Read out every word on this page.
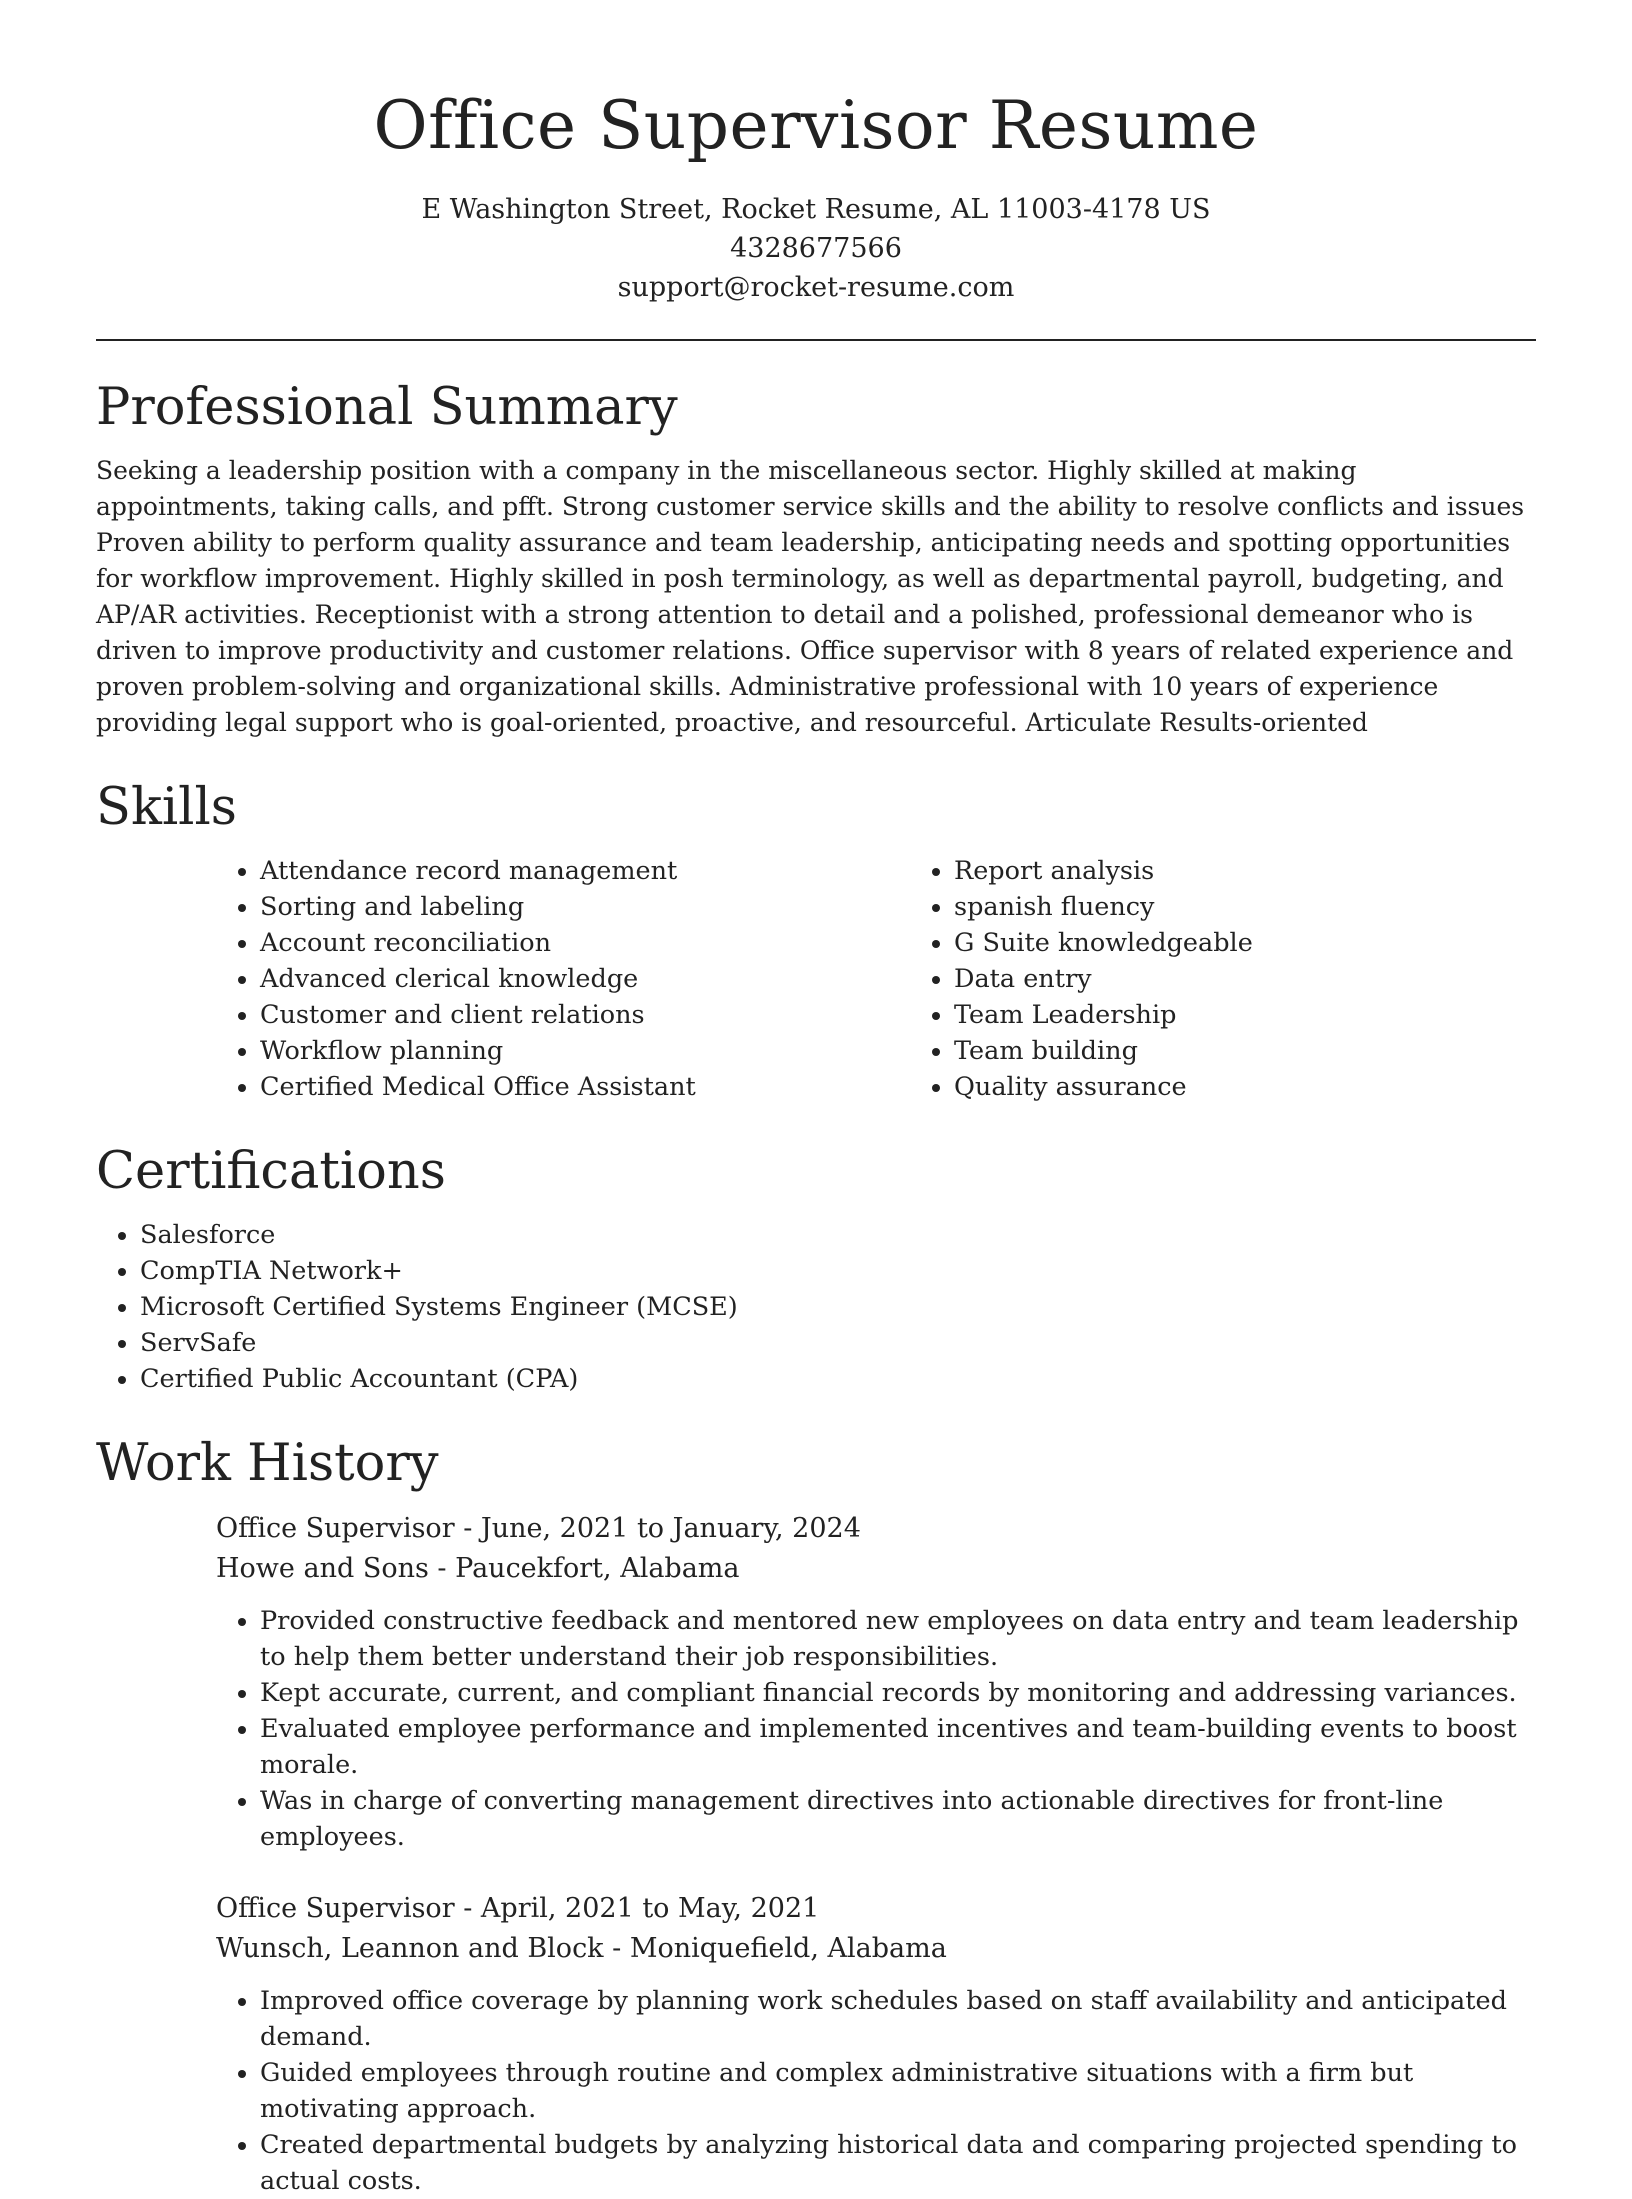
Office Supervisor Resume
E Washington Street, Rocket Resume, AL 11003-4178 US
4328677566
support@rocket-resume.com
Professional Summary

Seeking a leadership position with a company in the miscellaneous sector. Highly skilled at making appointments, taking calls, and pfft. Strong customer service skills and the ability to resolve conflicts and issues Proven ability to perform quality assurance and team leadership, anticipating needs and spotting opportunities for workflow improvement. Highly skilled in posh terminology, as well as departmental payroll, budgeting, and AP/AR activities. Receptionist with a strong attention to detail and a polished, professional demeanor who is driven to improve productivity and customer relations. Office supervisor with 8 years of related experience and proven problem-solving and organizational skills. Administrative professional with 10 years of experience providing legal support who is goal-oriented, proactive, and resourceful. Articulate Results-oriented

Skills
• Attendance record management
• Sorting and labeling
• Account reconciliation
• Advanced clerical knowledge
• Customer and client relations
• Workflow planning
• Certified Medical Office Assistant
• Report analysis
• spanish fluency
• G Suite knowledgeable
• Data entry
• Team Leadership
• Team building
• Quality assurance
Certifications
• Salesforce
• CompTIA Network+
• Microsoft Certified Systems Engineer (MCSE)
• ServSafe
• Certified Public Accountant (CPA)
Work History
Office Supervisor - June, 2021 to January, 2024
Howe and Sons - Paucekfort, Alabama
• Provided constructive feedback and mentored new employees on data entry and team leadership to help them better understand their job responsibilities.
• Kept accurate, current, and compliant financial records by monitoring and addressing variances.
• Evaluated employee performance and implemented incentives and team-building events to boost morale.
• Was in charge of converting management directives into actionable directives for front-line employees.
Office Supervisor - April, 2021 to May, 2021
Wunsch, Leannon and Block - Moniquefield, Alabama
• Improved office coverage by planning work schedules based on staff availability and anticipated demand.
• Guided employees through routine and complex administrative situations with a firm but motivating approach.
• Created departmental budgets by analyzing historical data and comparing projected spending to actual costs.
